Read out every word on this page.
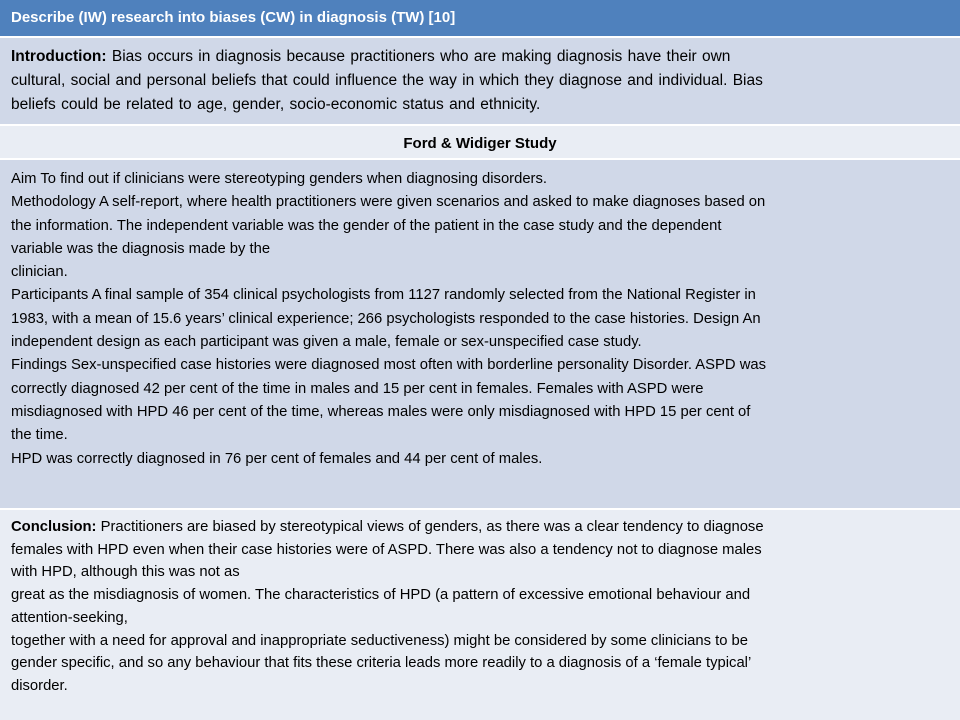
Describe (IW) research into biases (CW) in diagnosis (TW) [10]
Introduction: Bias occurs in diagnosis because practitioners who are making diagnosis have their own
cultural, social and personal beliefs that could influence the way in which they diagnose and individual. Bias
beliefs could be related to age, gender, socio-economic status and ethnicity.
Ford & Widiger Study
Aim To find out if clinicians were stereotyping genders when diagnosing disorders.
Methodology A self-report, where health practitioners were given scenarios and asked to make diagnoses based on
the information. The independent variable was the gender of the patient in the case study and the dependent
variable was the diagnosis made by the
clinician.
Participants A final sample of 354 clinical psychologists from 1127 randomly selected from the National Register in
1983, with a mean of 15.6 years’ clinical experience; 266 psychologists responded to the case histories. Design An
independent design as each participant was given a male, female or sex-unspecified case study.
Findings Sex-unspecified case histories were diagnosed most often with borderline personality Disorder. ASPD was
correctly diagnosed 42 per cent of the time in males and 15 per cent in females. Females with ASPD were
misdiagnosed with HPD 46 per cent of the time, whereas males were only misdiagnosed with HPD 15 per cent of
the time.
HPD was correctly diagnosed in 76 per cent of females and 44 per cent of males.
Conclusion: Practitioners are biased by stereotypical views of genders, as there was a clear tendency to diagnose
females with HPD even when their case histories were of ASPD. There was also a tendency not to diagnose males
with HPD, although this was not as
great as the misdiagnosis of women. The characteristics of HPD (a pattern of excessive emotional behaviour and
attention-seeking,
together with a need for approval and inappropriate seductiveness) might be considered by some clinicians to be
gender specific, and so any behaviour that fits these criteria leads more readily to a diagnosis of a ‘female typical’
disorder.
